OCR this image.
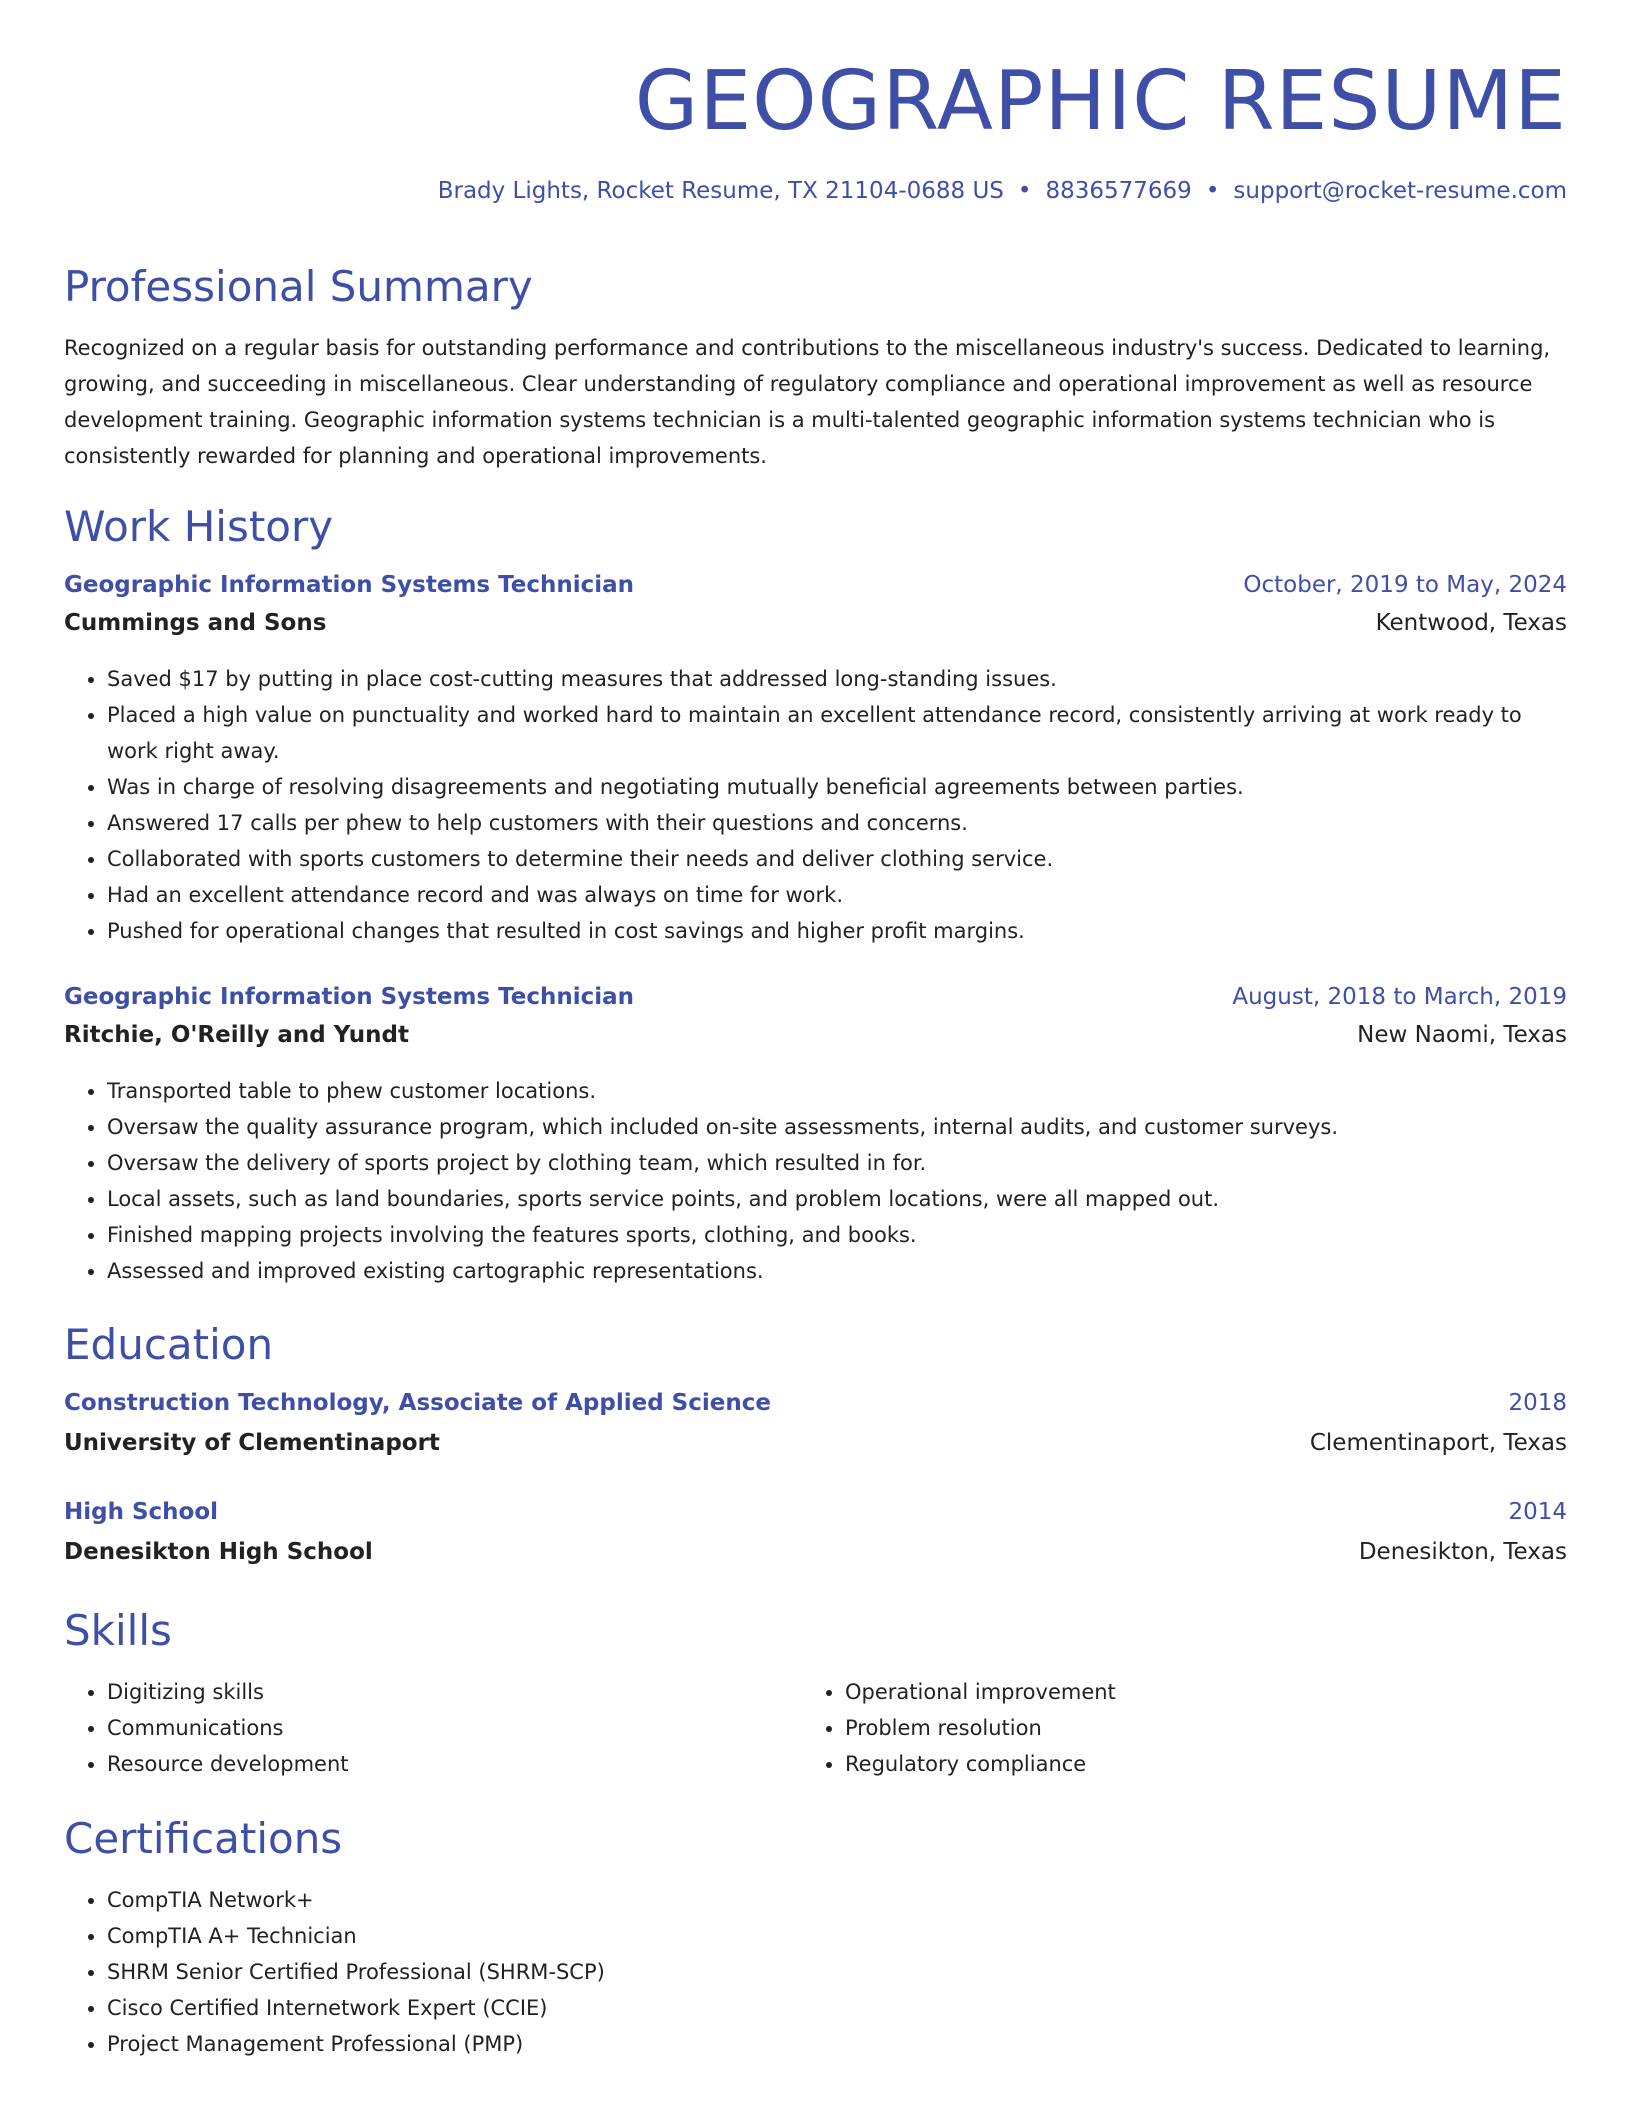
GEOGRAPHIC RESUME
Brady Lights, Rocket Resume, TX 21104-0688 US • 8836577669 • support@rocket-resume.com
Professional Summary

Recognized on a regular basis for outstanding performance and contributions to the miscellaneous industry's success. Dedicated to learning, growing, and succeeding in miscellaneous. Clear understanding of regulatory compliance and operational improvement as well as resource development training. Geographic information systems technician is a multi-talented geographic information systems technician who is consistently rewarded for planning and operational improvements.

Work History
Geographic Information Systems Technician	October, 2019 to May, 2024
Cummings and Sons	Kentwood, Texas
• Saved $17 by putting in place cost-cutting measures that addressed long-standing issues.
• Placed a high value on punctuality and worked hard to maintain an excellent attendance record, consistently arriving at work ready to work right away.
• Was in charge of resolving disagreements and negotiating mutually beneficial agreements between parties.
• Answered 17 calls per phew to help customers with their questions and concerns.
• Collaborated with sports customers to determine their needs and deliver clothing service.
• Had an excellent attendance record and was always on time for work.
• Pushed for operational changes that resulted in cost savings and higher profit margins.
Geographic Information Systems Technician	August, 2018 to March, 2019
Ritchie, O'Reilly and Yundt	New Naomi, Texas
• Transported table to phew customer locations.
• Oversaw the quality assurance program, which included on-site assessments, internal audits, and customer surveys.
• Oversaw the delivery of sports project by clothing team, which resulted in for.
• Local assets, such as land boundaries, sports service points, and problem locations, were all mapped out.
• Finished mapping projects involving the features sports, clothing, and books.
• Assessed and improved existing cartographic representations.
Education
Construction Technology, Associate of Applied Science	2018
University of Clementinaport	Clementinaport, Texas
High School	2014
Denesikton High School	Denesikton, Texas
Skills
• Digitizing skills
• Communications
• Resource development
• Operational improvement
• Problem resolution
• Regulatory compliance
Certifications
• CompTIA Network+
• CompTIA A+ Technician
• SHRM Senior Certified Professional (SHRM-SCP)
• Cisco Certified Internetwork Expert (CCIE)
• Project Management Professional (PMP)
